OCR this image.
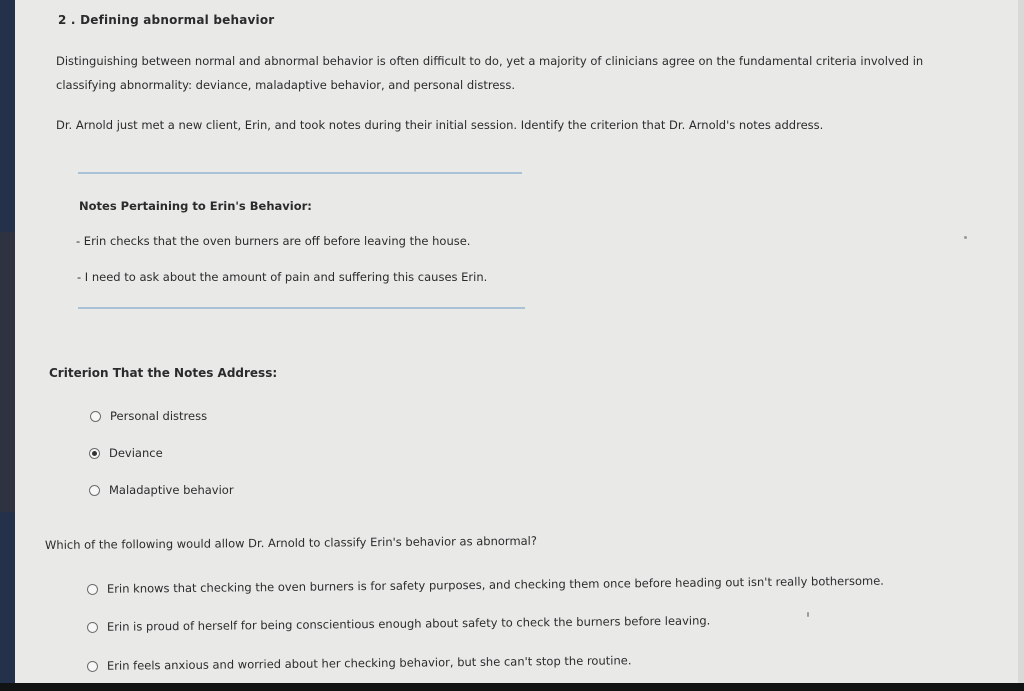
2 . Defining abnormal behavior
Distinguishing between normal and abnormal behavior is often difficult to do, yet a majority of clinicians agree on the fundamental criteria involved in
classifying abnormality: deviance, maladaptive behavior, and personal distress.
Dr. Arnold just met a new client, Erin, and took notes during their initial session. Identify the criterion that Dr. Arnold's notes address.
Notes Pertaining to Erin's Behavior:
- Erin checks that the oven burners are off before leaving the house.
- I need to ask about the amount of pain and suffering this causes Erin.
Criterion That the Notes Address:
Personal distress
Deviance
Maladaptive behavior
Which of the following would allow Dr. Arnold to classify Erin's behavior as abnormal?
Erin knows that checking the oven burners is for safety purposes, and checking them once before heading out isn't really bothersome.
Erin is proud of herself for being conscientious enough about safety to check the burners before leaving.
Erin feels anxious and worried about her checking behavior, but she can't stop the routine.
